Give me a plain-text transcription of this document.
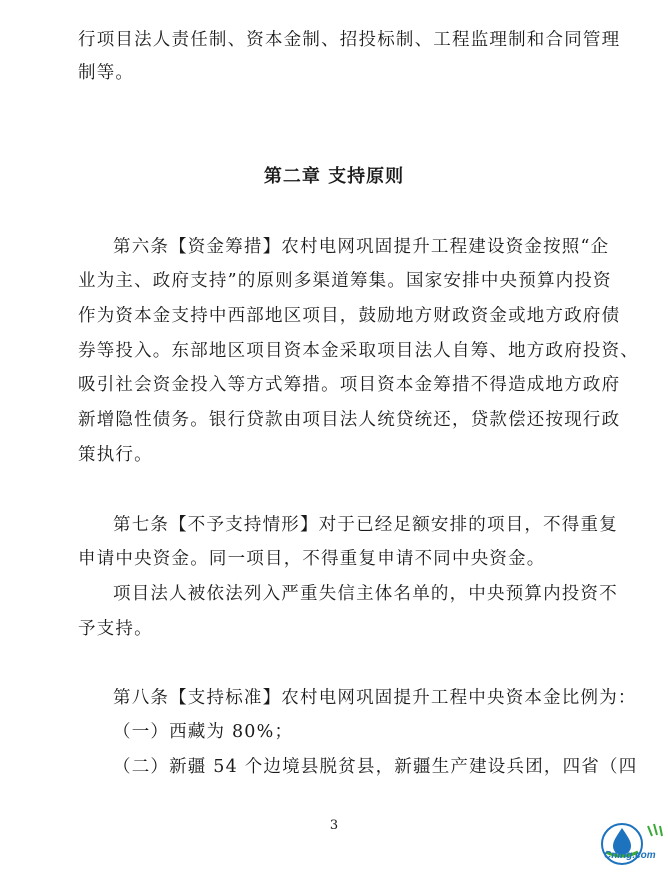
行项目法人责任制、资本金制、招投标制、工程监理制和合同管理
制等。
第二章 支持原则
第六条【资金筹措】农村电网巩固提升工程建设资金按照“企
业为主、政府支持”的原则多渠道筹集。国家安排中央预算内投资
作为资本金支持中西部地区项目，鼓励地方财政资金或地方政府债
券等投入。东部地区项目资本金采取项目法人自筹、地方政府投资、
吸引社会资金投入等方式筹措。项目资本金筹措不得造成地方政府
新增隐性债务。银行贷款由项目法人统贷统还，贷款偿还按现行政
策执行。
第七条【不予支持情形】对于已经足额安排的项目，不得重复
申请中央资金。同一项目，不得重复申请不同中央资金。
项目法人被依法列入严重失信主体名单的，中央预算内投资不
予支持。
第八条【支持标准】农村电网巩固提升工程中央资本金比例为：
（一）西藏为 80%；
（二）新疆 54 个边境县脱贫县，新疆生产建设兵团，四省（四
3
Cnlng.com
